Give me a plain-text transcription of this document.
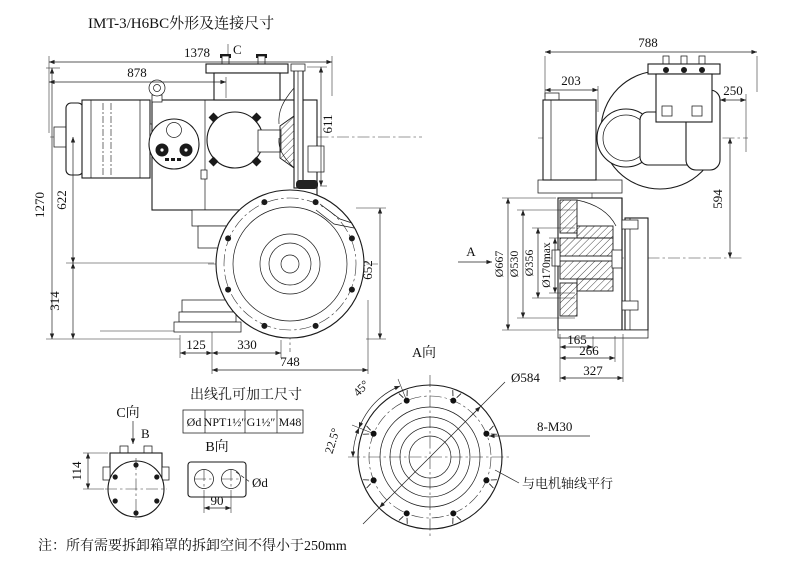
IMT-3/H6BC外形及连接尺寸
1378
878
C
1270 622
314
611
652
125 330
748
A
788
203
250
594
Ø667 Ø530 Ø356 Ø170max
165
266
327
A向
Ø584
8-M30
与电机轴线平行
45°
22.5°
C向
B
114
B向
Ød
90
出线孔可加工尺寸
Ød NPT1½″ G1½″ M48
注：所有需要拆卸箱罩的拆卸空间不得小于250mm
